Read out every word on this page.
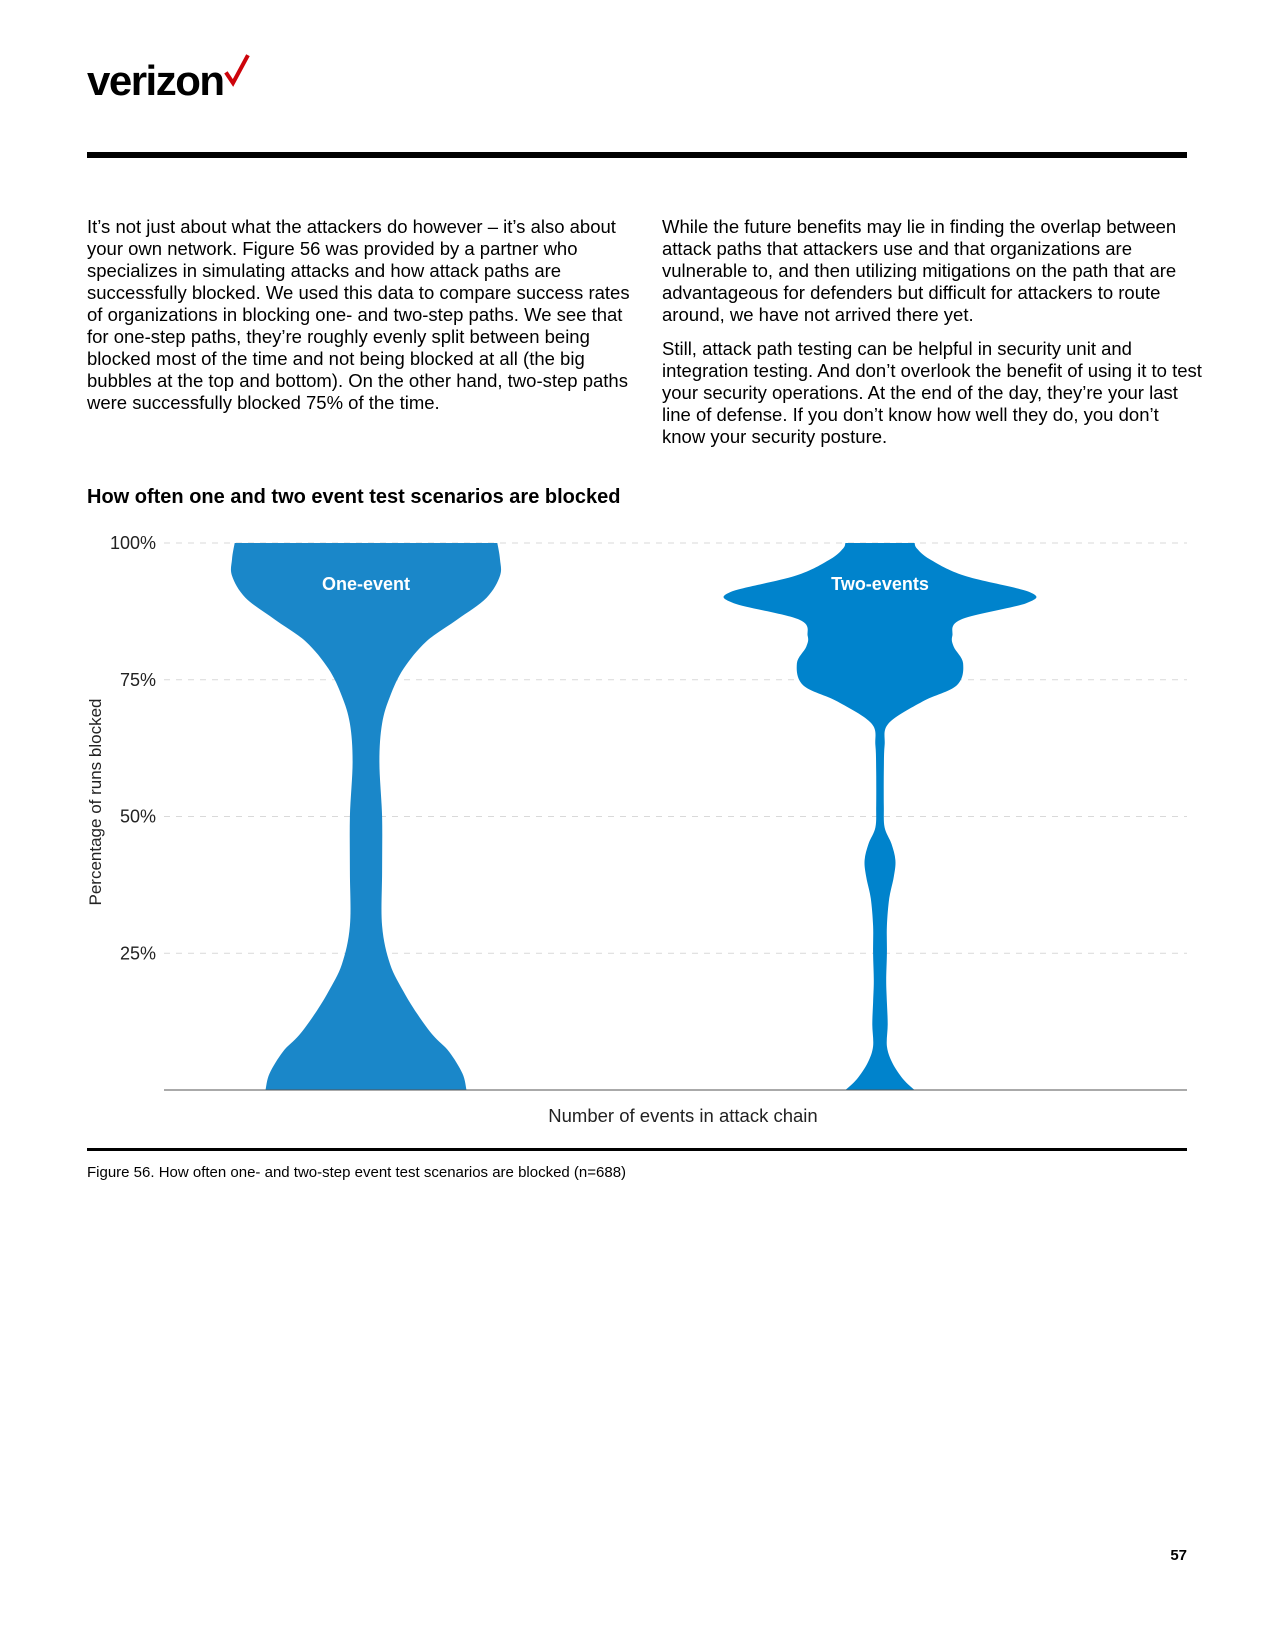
verizon

It’s not just about what the attackers do however – it’s also about your own network. Figure 56 was provided by a partner who specializes in simulating attacks and how attack paths are successfully blocked. We used this data to compare success rates of organizations in blocking one- and two-step paths. We see that for one-step paths, they’re roughly evenly split between being blocked most of the time and not being blocked at all (the big bubbles at the top and bottom). On the other hand, two-step paths were successfully blocked 75% of the time.

While the future benefits may lie in finding the overlap between attack paths that attackers use and that organizations are vulnerable to, and then utilizing mitigations on the path that are advantageous for defenders but difficult for attackers to route around, we have not arrived there yet.

Still, attack path testing can be helpful in security unit and integration testing. And don’t overlook the benefit of using it to test your security operations. At the end of the day, they’re your last line of defense. If you don’t know how well they do, you don’t know your security posture.

How often one and two event test scenarios are blocked
25%
50%
75%
100%
One-event	Two-events
Number of events in attack chain
Percentage of runs blocked
Figure 56. How often one- and two-step event test scenarios are blocked (n=688)
57
